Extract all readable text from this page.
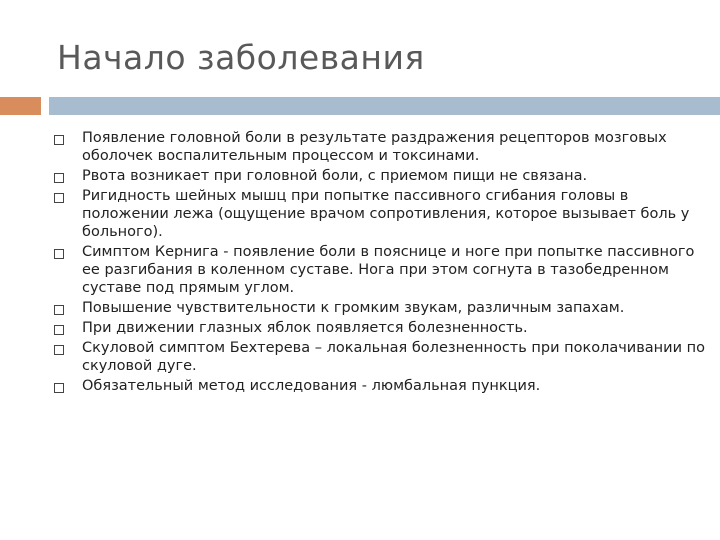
Начало заболевания
Появление головной боли в результате раздражения рецепторов мозговых оболочек воспалительным процессом и токсинами.
Рвота возникает при головной боли, с приемом пищи не связана.
Ригидность шейных мышц при попытке пассивного сгибания головы в положении лежа (ощущение врачом сопротивления, которое вызывает боль у больного).
Симптом Кернига - появление боли в пояснице и ноге при попытке пассивного ее разгибания в коленном суставе. Нога при этом согнута в тазобедренном суставе под прямым углом.
Повышение чувствительности к громким звукам, различным запахам.
При движении глазных яблок появляется болезненность.
Скуловой симптом Бехтерева – локальная болезненность при поколачивании по скуловой дуге.
Обязательный метод исследования - люмбальная пункция.
